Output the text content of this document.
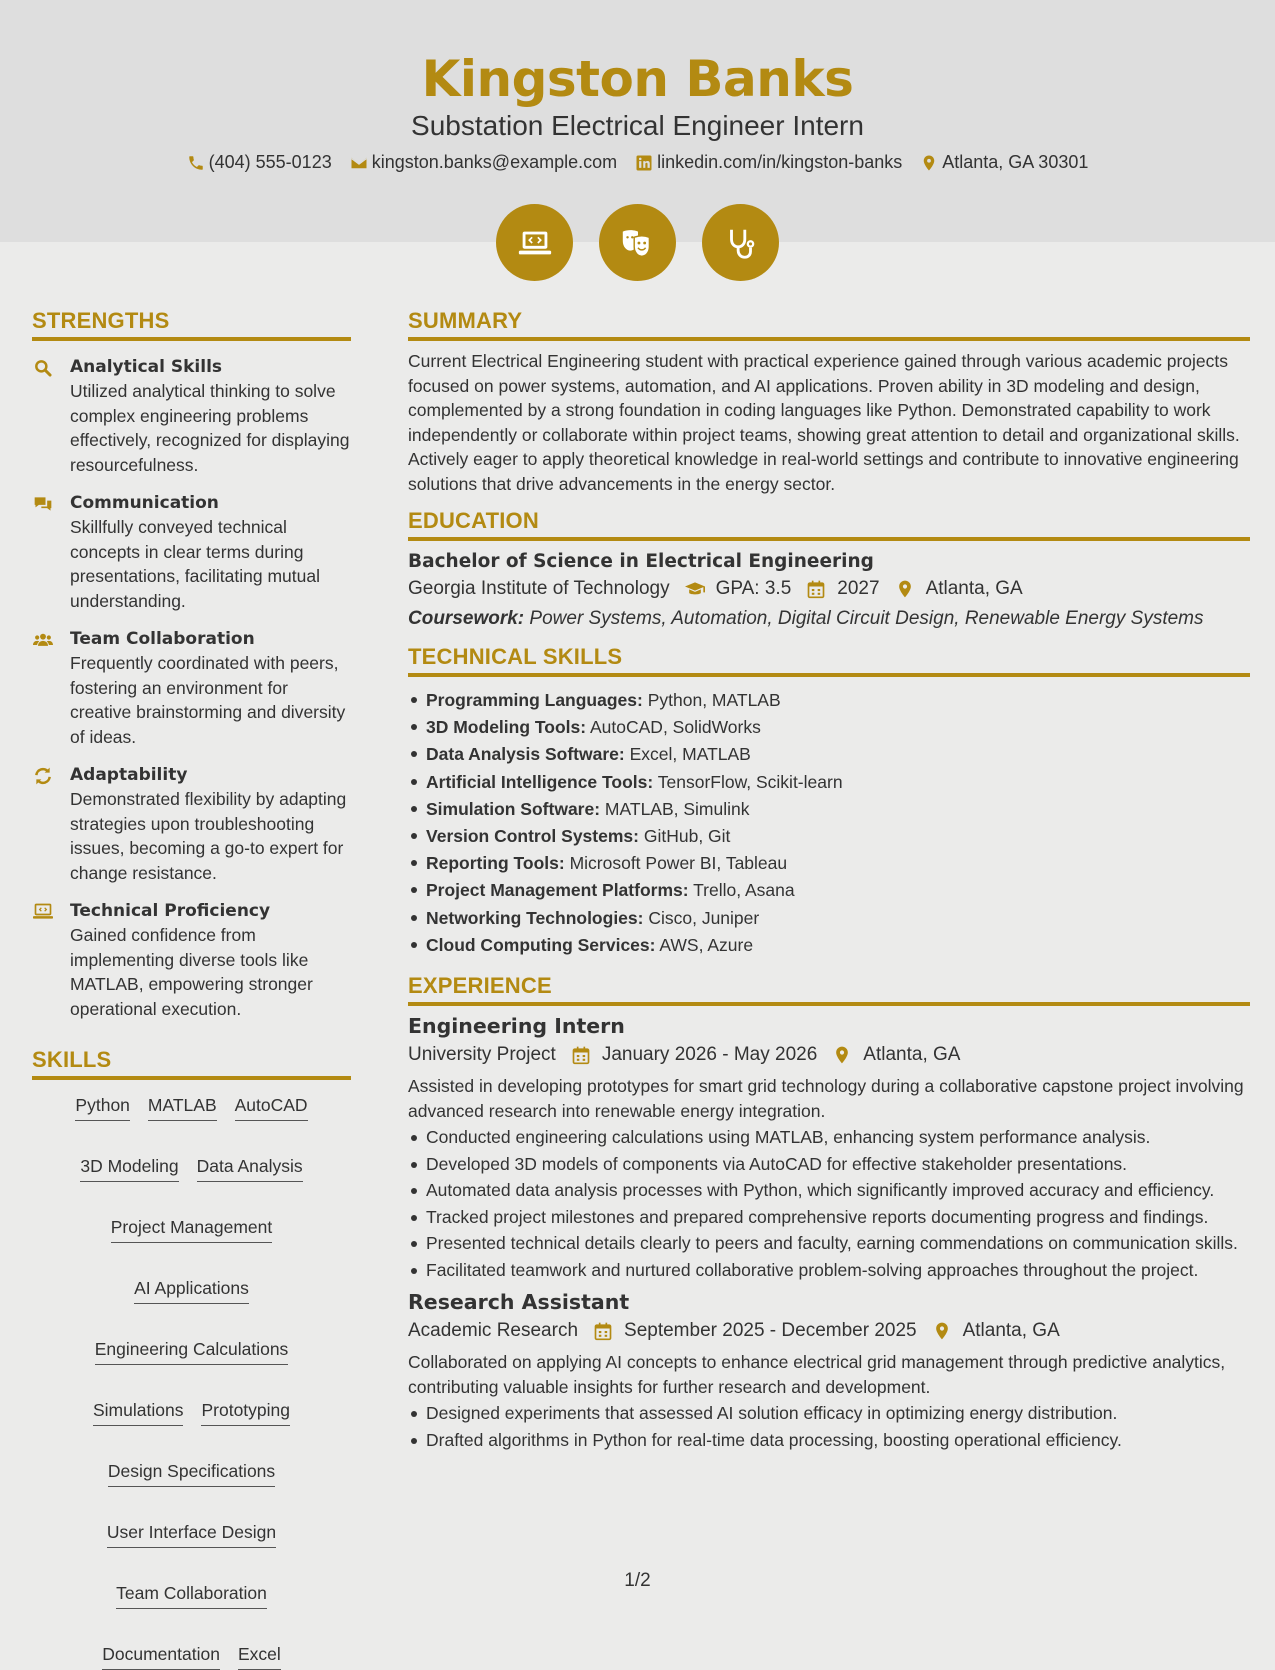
Kingston Banks
Substation Electrical Engineer Intern
(404) 555-0123 kingston.banks@example.com linkedin.com/in/kingston-banks Atlanta, GA 30301
STRENGTHS
Analytical Skills
Utilized analytical thinking to solve complex engineering problems effectively, recognized for displaying resourcefulness.
Communication
Skillfully conveyed technical concepts in clear terms during presentations, facilitating mutual understanding.
Team Collaboration
Frequently coordinated with peers, fostering an environment for creative brainstorming and diversity of ideas.
Adaptability
Demonstrated flexibility by adapting strategies upon troubleshooting issues, becoming a go-to expert for change resistance.
Technical Proficiency
Gained confidence from implementing diverse tools like MATLAB, empowering stronger operational execution.
SKILLS
Python MATLAB AutoCAD
3D Modeling Data Analysis
Project Management
AI Applications
Engineering Calculations
Simulations Prototyping
Design Specifications
User Interface Design
Team Collaboration
Documentation Excel
SUMMARY
Current Electrical Engineering student with practical experience gained through various academic projects focused on power systems, automation, and AI applications. Proven ability in 3D modeling and design, complemented by a strong foundation in coding languages like Python. Demonstrated capability to work independently or collaborate within project teams, showing great attention to detail and organizational skills. Actively eager to apply theoretical knowledge in real-world settings and contribute to innovative engineering solutions that drive advancements in the energy sector.
EDUCATION
Bachelor of Science in Electrical Engineering
Georgia Institute of Technology GPA: 3.5 2027 Atlanta, GA
Coursework: Power Systems, Automation, Digital Circuit Design, Renewable Energy Systems
TECHNICAL SKILLS
Programming Languages: Python, MATLAB
3D Modeling Tools: AutoCAD, SolidWorks
Data Analysis Software: Excel, MATLAB
Artificial Intelligence Tools: TensorFlow, Scikit-learn
Simulation Software: MATLAB, Simulink
Version Control Systems: GitHub, Git
Reporting Tools: Microsoft Power BI, Tableau
Project Management Platforms: Trello, Asana
Networking Technologies: Cisco, Juniper
Cloud Computing Services: AWS, Azure
EXPERIENCE
Engineering Intern
University Project January 2026 - May 2026 Atlanta, GA
Assisted in developing prototypes for smart grid technology during a collaborative capstone project involving advanced research into renewable energy integration.
Conducted engineering calculations using MATLAB, enhancing system performance analysis.
Developed 3D models of components via AutoCAD for effective stakeholder presentations.
Automated data analysis processes with Python, which significantly improved accuracy and efficiency.
Tracked project milestones and prepared comprehensive reports documenting progress and findings.
Presented technical details clearly to peers and faculty, earning commendations on communication skills.
Facilitated teamwork and nurtured collaborative problem-solving approaches throughout the project.
Research Assistant
Academic Research September 2025 - December 2025 Atlanta, GA
Collaborated on applying AI concepts to enhance electrical grid management through predictive analytics, contributing valuable insights for further research and development.
Designed experiments that assessed AI solution efficacy in optimizing energy distribution.
Drafted algorithms in Python for real-time data processing, boosting operational efficiency.
1/2
